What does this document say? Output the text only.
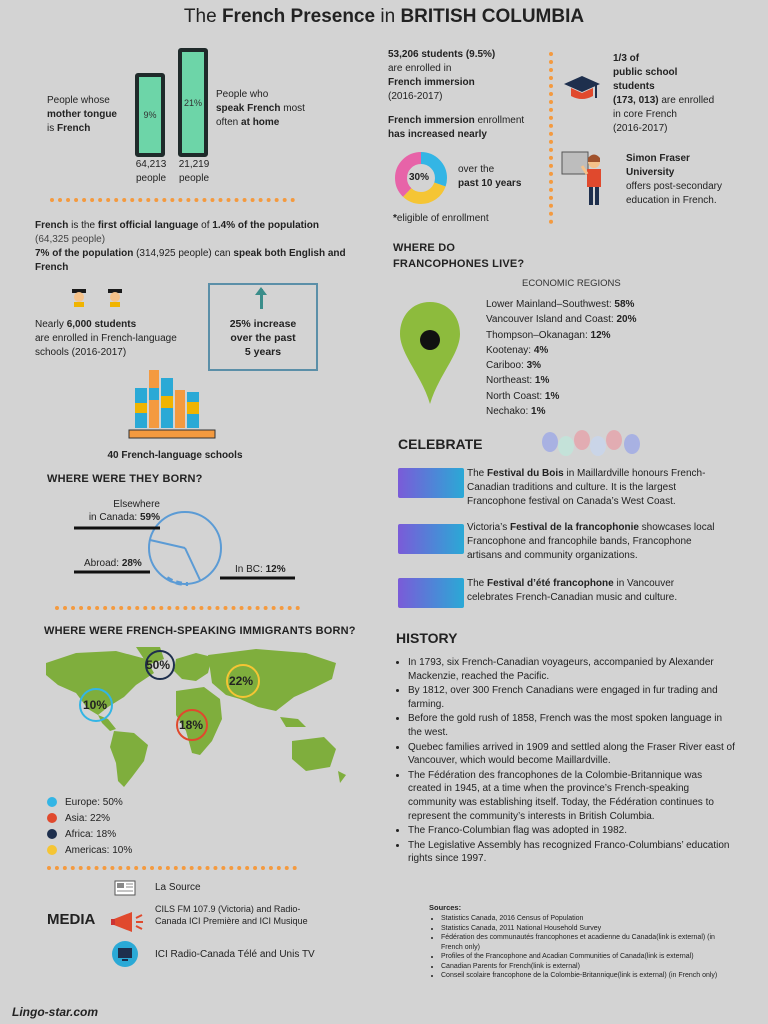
The French Presence in BRITISH COLUMBIA
People whose
mother tongue
is French
9%
21%
64,213
people
21,219
people
People who
speak French most often at home
French is the first official language of 1.4% of the population
(64,325 people)
7% of the population (314,925 people) can speak both English and French
Nearly 6,000 students
are enrolled in French-language schools (2016-2017)
25% increase
over the past
5 years
40 French-language schools
WHERE WERE THEY BORN?
Elsewhere
in Canada: 59%
Abroad: 28%
In BC: 12%
WHERE WERE FRENCH-SPEAKING IMMIGRANTS BORN?
50%
22%
10%
18%
Europe: 50%
Asia: 22%
Africa: 18%
Americas: 10%
MEDIA
La Source
CILS FM 107.9 (Victoria) and Radio-Canada ICI Première and ICI Musique
ICI Radio-Canada Télé and Unis TV
Lingo-star.com
53,206 students (9.5%)
are enrolled in
French immersion
(2016-2017)
French immersion enrollment
has increased nearly
30%
over the
past 10 years
*eligible of enrollment
1/3 of
public school
students
(173, 013) are enrolled
in core French
(2016-2017)
Simon Fraser
University
offers post-secondary
education in French.
WHERE DO
FRANCOPHONES LIVE?
ECONOMIC REGIONS
Lower Mainland–Southwest: 58%
Vancouver Island and Coast: 20%
Thompson–Okanagan: 12%
Kootenay: 4%
Cariboo: 3%
Northeast: 1%
North Coast: 1%
Nechako: 1%
CELEBRATE
The Festival du Bois in Maillardville honours French-Canadian traditions and culture. It is the largest Francophone festival on Canada’s West Coast.
Victoria’s Festival de la francophonie showcases local Francophone and francophile bands, Francophone artisans and community organizations.
The Festival d’été francophone in Vancouver celebrates French-Canadian music and culture.
HISTORY
• In 1793, six French-Canadian voyageurs, accompanied by Alexander Mackenzie, reached the Pacific.
• By 1812, over 300 French Canadians were engaged in fur trading and farming.
• Before the gold rush of 1858, French was the most spoken language in the west.
• Quebec families arrived in 1909 and settled along the Fraser River east of Vancouver, which would become Maillardville.
• The Fédération des francophones de la Colombie-Britannique was created in 1945, at a time when the province’s French-speaking community was establishing itself. Today, the Fédération continues to represent the community’s interests in British Columbia.
• The Franco-Columbian flag was adopted in 1982.
• The Legislative Assembly has recognized Franco-Columbians’ education rights since 1997.
Sources:
• Statistics Canada, 2016 Census of Population
• Statistics Canada, 2011 National Household Survey
• Fédération des communautés francophones et acadienne du Canada(link is external) (in French only)
• Profiles of the Francophone and Acadian Communities of Canada(link is external)
• Canadian Parents for French(link is external)
• Conseil scolaire francophone de la Colombie-Britannique(link is external) (in French only)
